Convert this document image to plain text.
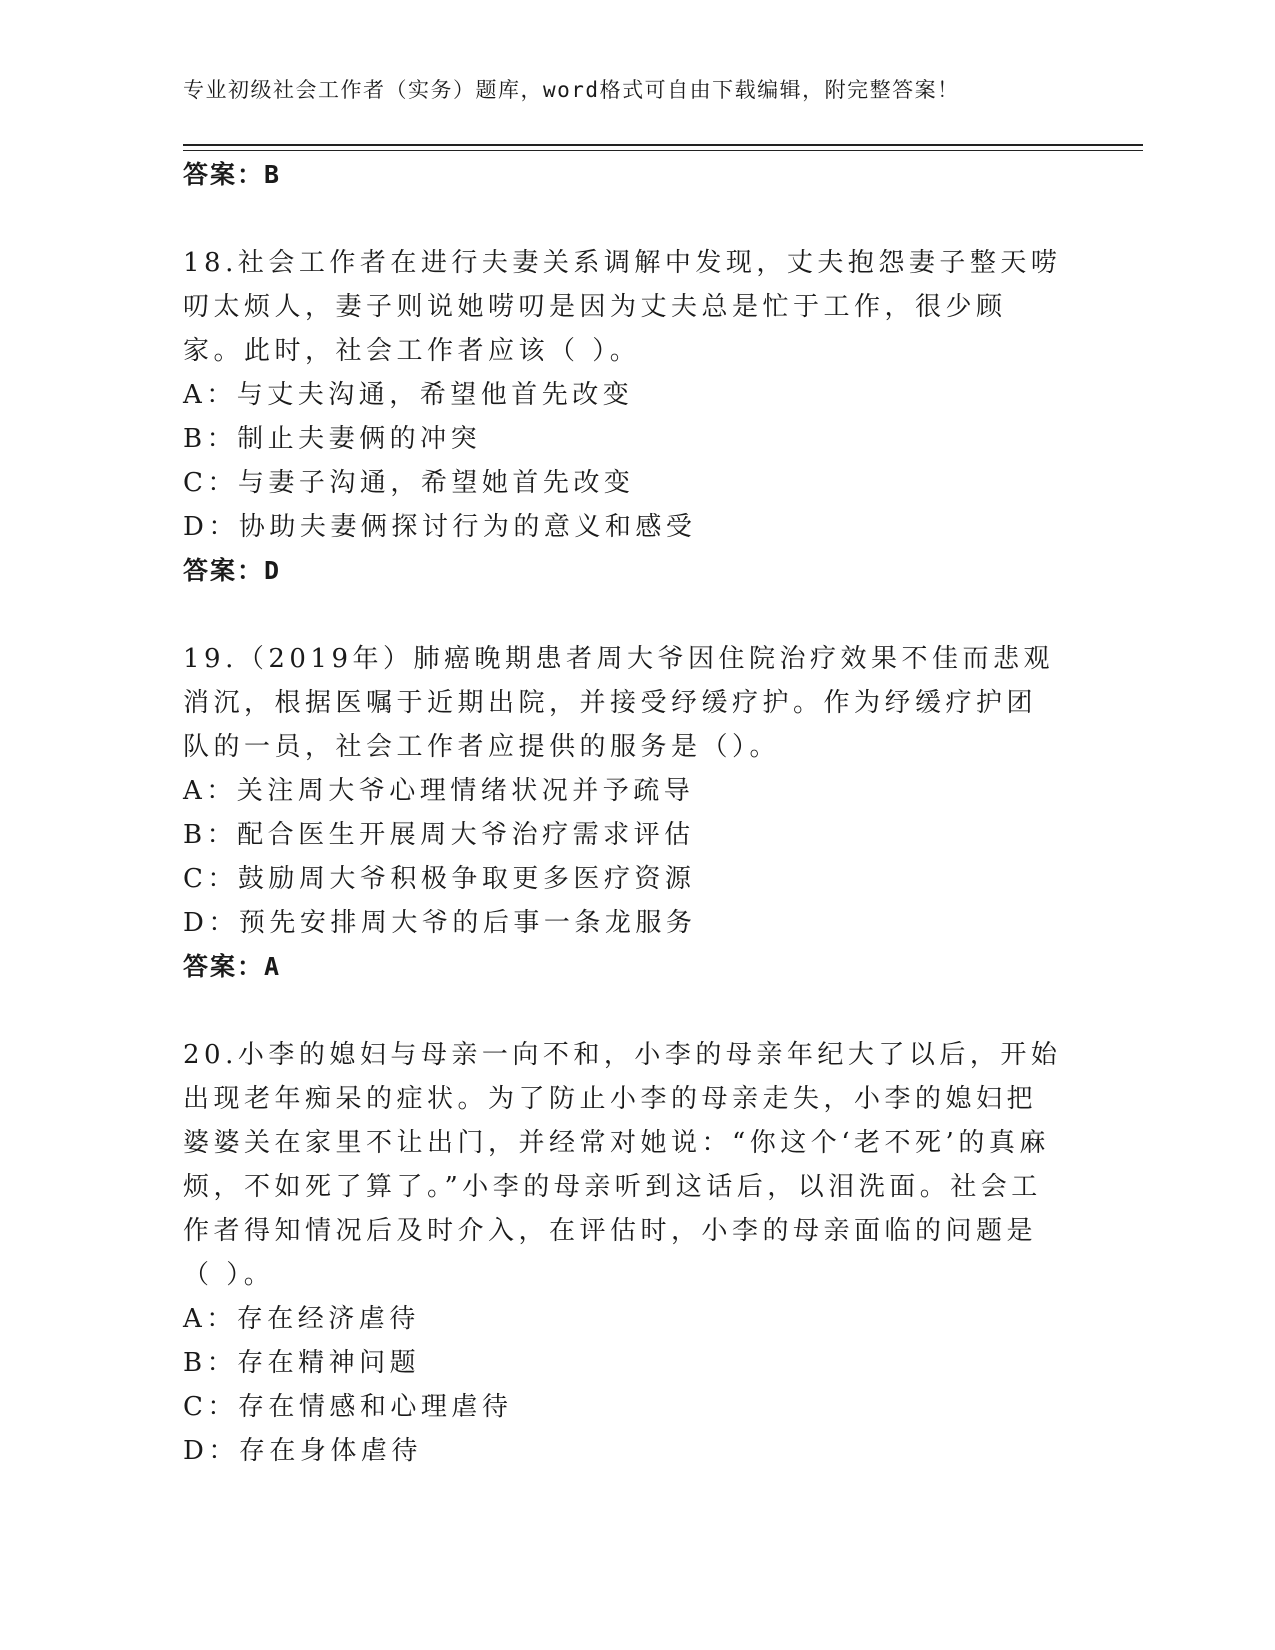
专业初级社会工作者（实务）题库，word格式可自由下载编辑，附完整答案！
答案：B
18.社会工作者在进行夫妻关系调解中发现，丈夫抱怨妻子整天唠叨太烦人，妻子则说她唠叨是因为丈夫总是忙于工作，很少顾家。此时，社会工作者应该（ ）。
A：与丈夫沟通，希望他首先改变
B：制止夫妻俩的冲突
C：与妻子沟通，希望她首先改变
D：协助夫妻俩探讨行为的意义和感受
答案：D
19.（2019年）肺癌晚期患者周大爷因住院治疗效果不佳而悲观消沉，根据医嘱于近期出院，并接受纾缓疗护。作为纾缓疗护团队的一员，社会工作者应提供的服务是（）。
A：关注周大爷心理情绪状况并予疏导
B：配合医生开展周大爷治疗需求评估
C：鼓励周大爷积极争取更多医疗资源
D：预先安排周大爷的后事一条龙服务
答案：A
20.小李的媳妇与母亲一向不和，小李的母亲年纪大了以后，开始出现老年痴呆的症状。为了防止小李的母亲走失，小李的媳妇把婆婆关在家里不让出门，并经常对她说：“你这个‘老不死’的真麻烦，不如死了算了。”小李的母亲听到这话后，以泪洗面。社会工作者得知情况后及时介入，在评估时，小李的母亲面临的问题是（ ）。
A：存在经济虐待
B：存在精神问题
C：存在情感和心理虐待
D：存在身体虐待
